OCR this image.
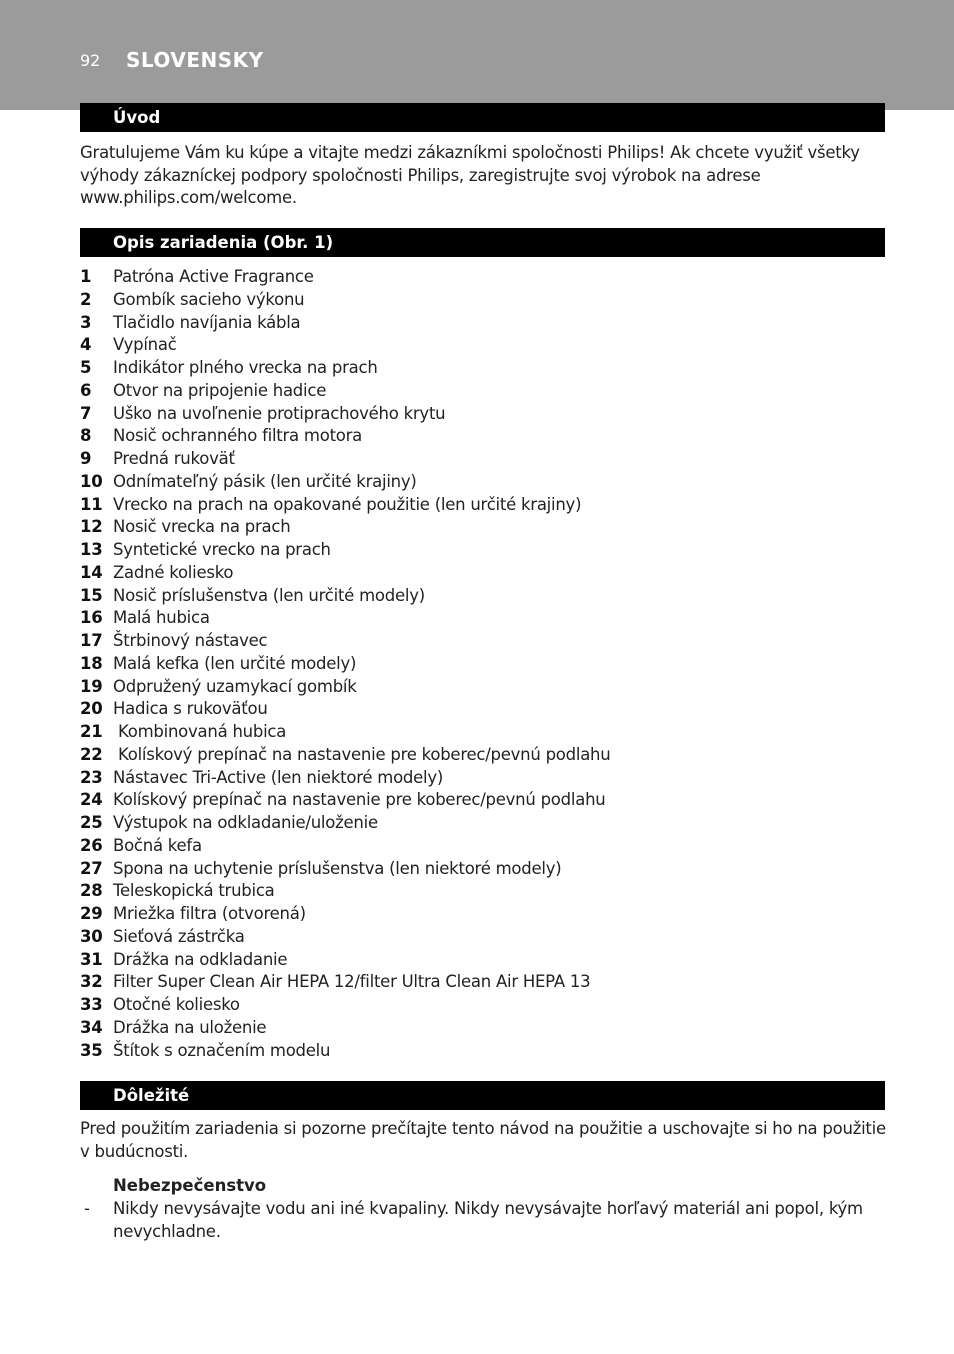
92 SLOVENSKY
Úvod
Gratulujeme Vám ku kúpe a vitajte medzi zákazníkmi spoločnosti Philips! Ak chcete využiť všetky výhody zákazníckej podpory spoločnosti Philips, zaregistrujte svoj výrobok na adrese www.philips.com/welcome.
Opis zariadenia (Obr. 1)
1 Patróna Active Fragrance
2 Gombík sacieho výkonu
3 Tlačidlo navíjania kábla
4 Vypínač
5 Indikátor plného vrecka na prach
6 Otvor na pripojenie hadice
7 Uško na uvoľnenie protiprachového krytu
8 Nosič ochranného filtra motora
9 Predná rukoväť
10 Odnímateľný pásik (len určité krajiny)
11 Vrecko na prach na opakované použitie (len určité krajiny)
12 Nosič vrecka na prach
13 Syntetické vrecko na prach
14 Zadné koliesko
15 Nosič príslušenstva (len určité modely)
16 Malá hubica
17 Štrbinový nástavec
18 Malá kefka (len určité modely)
19 Odpružený uzamykací gombík
20 Hadica s rukoväťou
21 Kombinovaná hubica
22 Kolískový prepínač na nastavenie pre koberec/pevnú podlahu
23 Nástavec Tri-Active (len niektoré modely)
24 Kolískový prepínač na nastavenie pre koberec/pevnú podlahu
25 Výstupok na odkladanie/uloženie
26 Bočná kefa
27 Spona na uchytenie príslušenstva (len niektoré modely)
28 Teleskopická trubica
29 Mriežka filtra (otvorená)
30 Sieťová zástrčka
31 Drážka na odkladanie
32 Filter Super Clean Air HEPA 12/filter Ultra Clean Air HEPA 13
33 Otočné koliesko
34 Drážka na uloženie
35 Štítok s označením modelu
Dôležité
Pred použitím zariadenia si pozorne prečítajte tento návod na použitie a uschovajte si ho na použitie v budúcnosti.
Nebezpečenstvo
- Nikdy nevysávajte vodu ani iné kvapaliny. Nikdy nevysávajte horľavý materiál ani popol, kým nevychladne.
